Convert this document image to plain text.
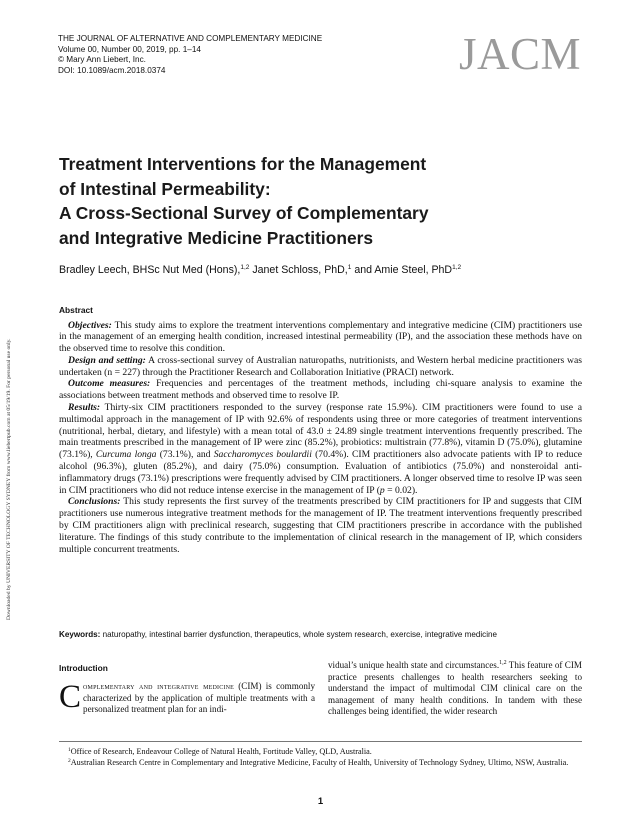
THE JOURNAL OF ALTERNATIVE AND COMPLEMENTARY MEDICINE
Volume 00, Number 00, 2019, pp. 1–14
© Mary Ann Liebert, Inc.
DOI: 10.1089/acm.2018.0374	JACM
Downloaded by UNIVERSITY OF TECHNOLOGY SYDNEY from www.liebertpub.com at 05/19/19. For personal use only.
Treatment Interventions for the Management
of Intestinal Permeability:
A Cross-Sectional Survey of Complementary
and Integrative Medicine Practitioners
Bradley Leech, BHSc Nut Med (Hons),$^{1,2}$ Janet Schloss, PhD,$^1$ and Amie Steel, PhD$^{1,2}$
Abstract

Objectives: This study aims to explore the treatment interventions complementary and integrative medicine (CIM) practitioners use in the management of an emerging health condition, increased intestinal permeability (IP), and the association these methods have on the observed time to resolve this condition.

Design and setting: A cross-sectional survey of Australian naturopaths, nutritionists, and Western herbal medicine practitioners was undertaken (n = 227) through the Practitioner Research and Collaboration Initiative (PRACI) network.

Outcome measures: Frequencies and percentages of the treatment methods, including chi-square analysis to examine the associations between treatment methods and observed time to resolve IP.

Results: Thirty-six CIM practitioners responded to the survey (response rate 15.9%). CIM practitioners were found to use a multimodal approach in the management of IP with 92.6% of respondents using three or more categories of treatment interventions (nutritional, herbal, dietary, and lifestyle) with a mean total of 43.0 ± 24.89 single treatment interventions frequently prescribed. The main treatments prescribed in the management of IP were zinc (85.2%), probiotics: multistrain (77.8%), vitamin D (75.0%), glutamine (73.1%), Curcuma longa (73.1%), and Saccharomyces boulardii (70.4%). CIM practitioners also advocate patients with IP to reduce alcohol (96.3%), gluten (85.2%), and dairy (75.0%) consumption. Evaluation of antibiotics (75.0%) and nonsteroidal anti-inflammatory drugs (73.1%) prescriptions were frequently advised by CIM practitioners. A longer observed time to resolve IP was seen in CIM practitioners who did not reduce intense exercise in the management of IP (p = 0.02).

Conclusions: This study represents the first survey of the treatments prescribed by CIM practitioners for IP and suggests that CIM practitioners use numerous integrative treatment methods for the management of IP. The treatment interventions frequently prescribed by CIM practitioners align with preclinical research, suggesting that CIM practitioners prescribe in accordance with the published literature. The findings of this study contribute to the implementation of clinical research in the management of IP, which considers multiple concurrent treatments.

Keywords: naturopathy, intestinal barrier dysfunction, therapeutics, whole system research, exercise, integrative medicine
Introduction

Complementary and integrative medicine (CIM) is commonly characterized by the application of multiple treatments with a personalized treatment plan for an indi-

vidual’s unique health state and circumstances.$^{1,2}$ This feature of CIM practice presents challenges to health researchers seeking to understand the impact of multimodal CIM clinical care on the management of many health conditions. In tandem with these challenges being identified, the wider research

$^1$Office of Research, Endeavour College of Natural Health, Fortitude Valley, QLD, Australia.

$^2$Australian Research Centre in Complementary and Integrative Medicine, Faculty of Health, University of Technology Sydney, Ultimo, NSW, Australia.

1
